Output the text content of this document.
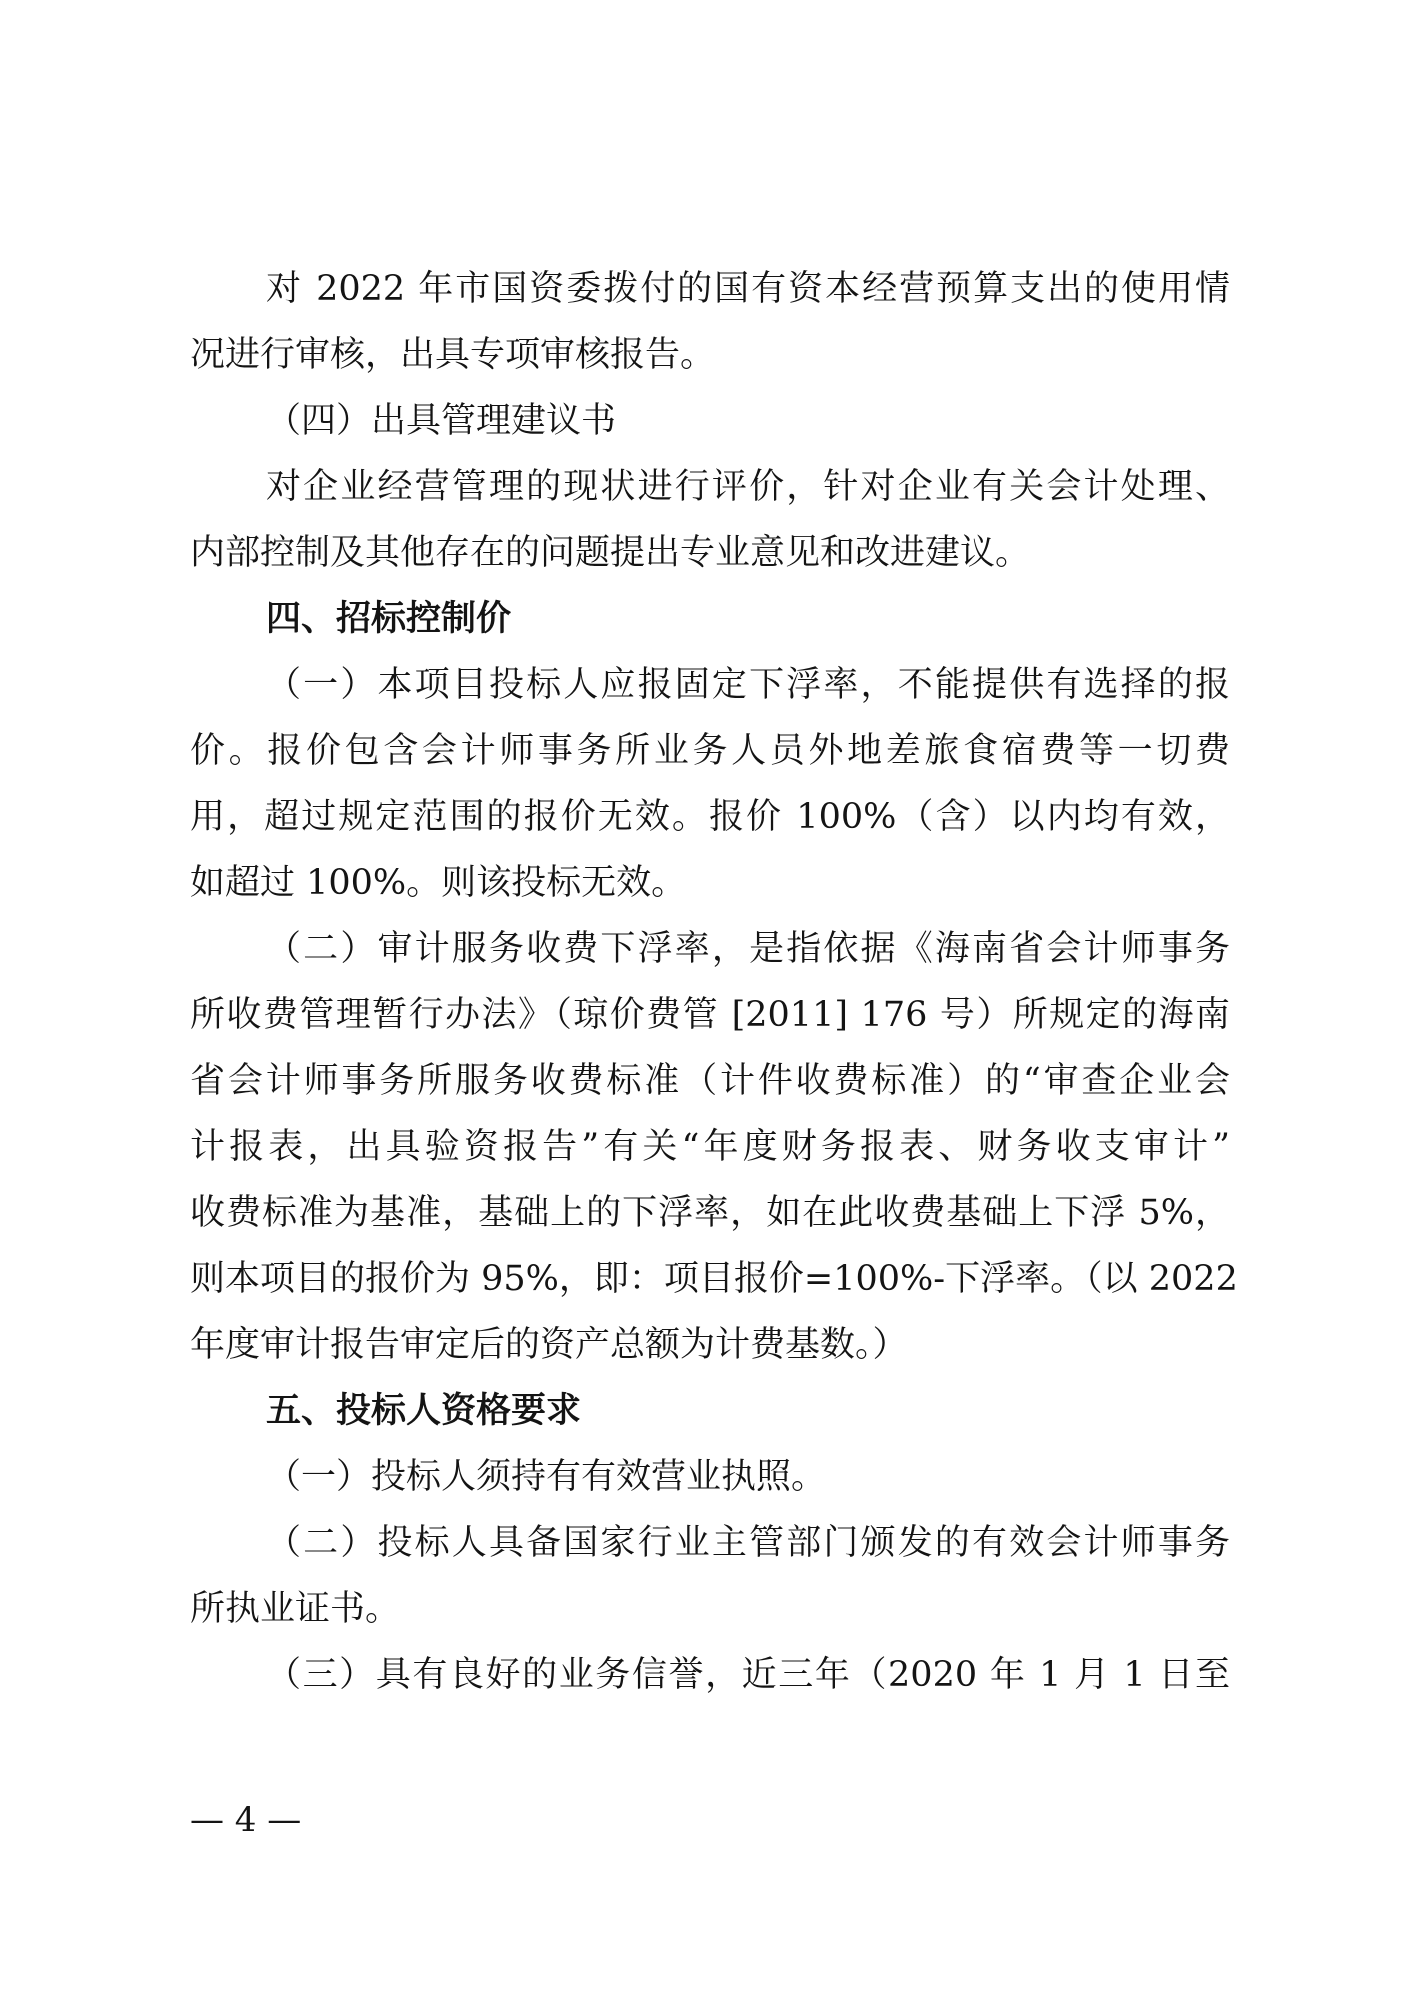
对 2022 年市国资委拨付的国有资本经营预算支出的使用情
况进行审核，出具专项审核报告。
（四）出具管理建议书
对企业经营管理的现状进行评价，针对企业有关会计处理、
内部控制及其他存在的问题提出专业意见和改进建议。
四、招标控制价
（一）本项目投标人应报固定下浮率，不能提供有选择的报
价。报价包含会计师事务所业务人员外地差旅食宿费等一切费
用，超过规定范围的报价无效。报价 100%（含）以内均有效，
如超过 100%。则该投标无效。
（二）审计服务收费下浮率，是指依据《海南省会计师事务
所收费管理暂行办法》（琼价费管 [2011] 176 号）所规定的海南
省会计师事务所服务收费标准（计件收费标准）的“审查企业会
计报表，出具验资报告”有关“年度财务报表、财务收支审计”
收费标准为基准，基础上的下浮率，如在此收费基础上下浮 5%，
则本项目的报价为 95%，即：项目报价=100%-下浮率。（以 2022
年度审计报告审定后的资产总额为计费基数。）
五、投标人资格要求
（一）投标人须持有有效营业执照。
（二）投标人具备国家行业主管部门颁发的有效会计师事务
所执业证书。
（三）具有良好的业务信誉，近三年（2020 年 1 月 1 日至
— 4 —
